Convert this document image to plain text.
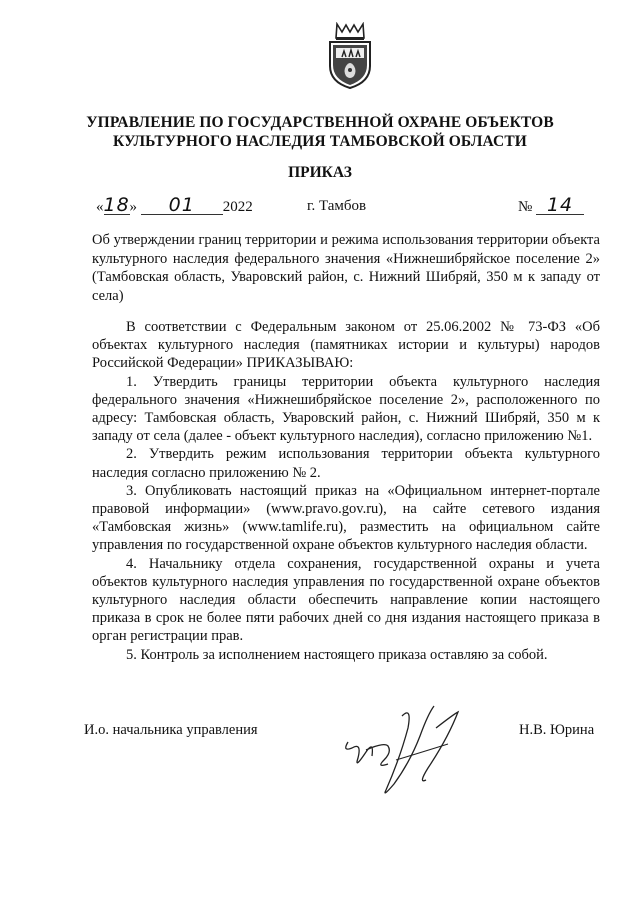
УПРАВЛЕНИЕ ПО ГОСУДАРСТВЕННОЙ ОХРАНЕ ОБЪЕКТОВ
КУЛЬТУРНОГО НАСЛЕДИЯ ТАМБОВСКОЙ ОБЛАСТИ
ПРИКАЗ
«18» 01 2022	г. Тамбов	№ 14
Об утверждении границ территории и режима использования территории объекта культурного наследия федерального значения «Нижнешибряйское поселение 2» (Тамбовская область, Уваровский район, с. Нижний Шибряй, 350 м к западу от села)

В соответствии с Федеральным законом от 25.06.2002 № 73-ФЗ «Об объектах культурного наследия (памятниках истории и культуры) народов Российской Федерации» ПРИКАЗЫВАЮ:

1. Утвердить границы территории объекта культурного наследия федерального значения «Нижнешибряйское поселение 2», расположенного по адресу: Тамбовская область, Уваровский район, с. Нижний Шибряй, 350 м к западу от села (далее - объект культурного наследия), согласно приложению №1.

2. Утвердить режим использования территории объекта культурного наследия согласно приложению № 2.

3. Опубликовать настоящий приказ на «Официальном интернет-портале правовой информации» (www.pravo.gov.ru), на сайте сетевого издания «Тамбовская жизнь» (www.tamlife.ru), разместить на официальном сайте управления по государственной охране объектов культурного наследия области.

4. Начальнику отдела сохранения, государственной охраны и учета объектов культурного наследия управления по государственной охране объектов культурного наследия области обеспечить направление копии настоящего приказа в срок не более пяти рабочих дней со дня издания настоящего приказа в орган регистрации прав.

5. Контроль за исполнением настоящего приказа оставляю за собой.

И.о. начальника управления	Н.В. Юрина
